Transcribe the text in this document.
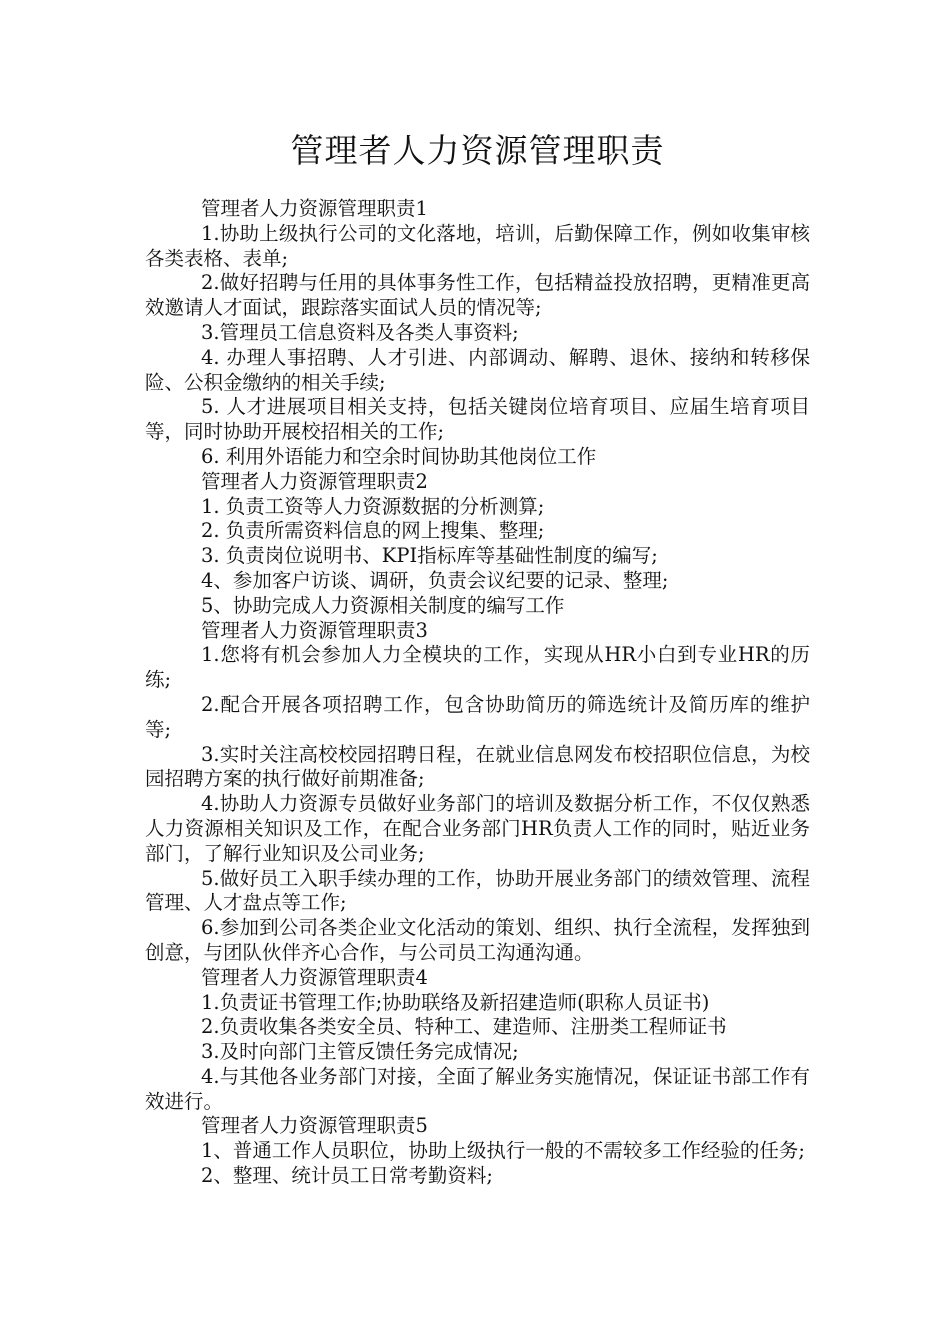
管理者人力资源管理职责

管理者人力资源管理职责1

1.协助上级执行公司的文化落地，培训，后勤保障工作，例如收集审核各类表格、表单;

2.做好招聘与任用的具体事务性工作，包括精益投放招聘，更精准更高效邀请人才面试，跟踪落实面试人员的情况等;

3.管理员工信息资料及各类人事资料;

4. 办理人事招聘、人才引进、内部调动、解聘、退休、接纳和转移保险、公积金缴纳的相关手续;

5. 人才进展项目相关支持，包括关键岗位培育项目、应届生培育项目等，同时协助开展校招相关的工作;

6. 利用外语能力和空余时间协助其他岗位工作

管理者人力资源管理职责2

1. 负责工资等人力资源数据的分析测算;

2. 负责所需资料信息的网上搜集、整理;

3. 负责岗位说明书、KPI指标库等基础性制度的编写;

4、参加客户访谈、调研，负责会议纪要的记录、整理;

5、协助完成人力资源相关制度的编写工作

管理者人力资源管理职责3

1.您将有机会参加人力全模块的工作，实现从HR小白到专业HR的历练;

2.配合开展各项招聘工作，包含协助简历的筛选统计及简历库的维护等;

3.实时关注高校校园招聘日程，在就业信息网发布校招职位信息，为校园招聘方案的执行做好前期准备;

4.协助人力资源专员做好业务部门的培训及数据分析工作，不仅仅熟悉人力资源相关知识及工作，在配合业务部门HR负责人工作的同时，贴近业务部门，了解行业知识及公司业务;

5.做好员工入职手续办理的工作，协助开展业务部门的绩效管理、流程管理、人才盘点等工作;

6.参加到公司各类企业文化活动的策划、组织、执行全流程，发挥独到创意，与团队伙伴齐心合作，与公司员工沟通沟通。

管理者人力资源管理职责4

1.负责证书管理工作;协助联络及新招建造师(职称人员证书)

2.负责收集各类安全员、特种工、建造师、注册类工程师证书

3.及时向部门主管反馈任务完成情况;

4.与其他各业务部门对接，全面了解业务实施情况，保证证书部工作有效进行。

管理者人力资源管理职责5

1、普通工作人员职位，协助上级执行一般的不需较多工作经验的任务;

2、整理、统计员工日常考勤资料;
